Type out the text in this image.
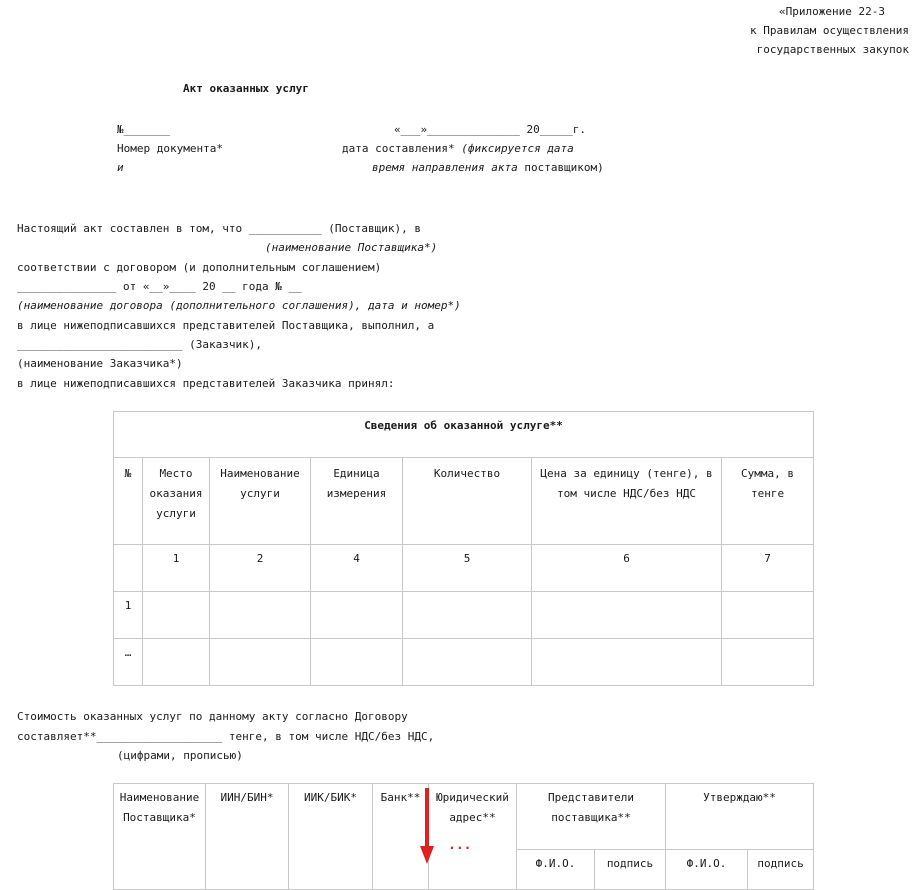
«Приложение 22-3
к Правилам осуществления
государственных закупок
Акт оказанных услуг
№_______	«___»______________ 20_____г.
Номер документа*	дата составления* (фиксируется дата
и	время направления акта поставщиком)
Настоящий акт составлен в том, что ___________ (Поставщик), в
(наименование Поставщика*)
соответствии с договором (и дополнительным соглашением)
_______________ от «__»____ 20 __ года № __
(наименование договора (дополнительного соглашения), дата и номер*)
в лице нижеподписавшихся представителей Поставщика, выполнил, а
_________________________ (Заказчик),
(наименование Заказчика*)
в лице нижеподписавшихся представителей Заказчика принял:
Сведения об оказанной услуге**						
№	Место оказания услуги	Наименование услуги	Единица измерения	Количество	Цена за единицу (тенге), в том числе НДС/без НДС	Сумма, в тенге
	1	2	4	5	6	7
1						
…						
Стоимость оказанных услуг по данному акту согласно Договору
составляет**___________________ тенге, в том числе НДС/без НДС,
(цифрами, прописью)
Наименование Поставщика*	ИИН/БИН*	ИИК/БИК*	Банк**	Юридический адрес**	Представители поставщика**		Утверждаю**	
					Ф.И.О.	подпись	Ф.И.О.	подпись
...
